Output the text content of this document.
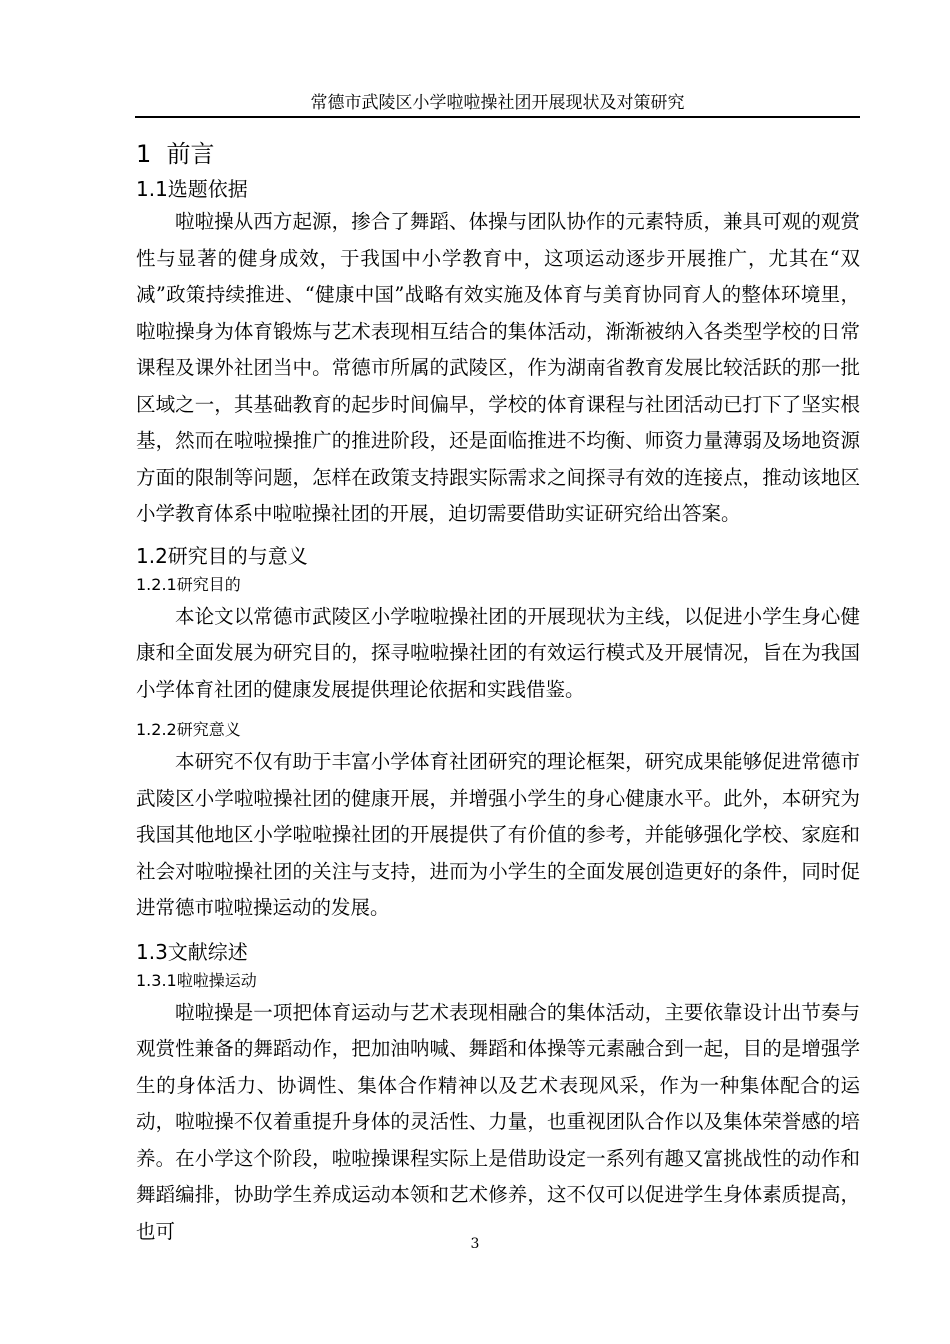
常德市武陵区小学啦啦操社团开展现状及对策研究
1  前言
1.1选题依据

啦啦操从西方起源，掺合了舞蹈、体操与团队协作的元素特质，兼具可观的观赏性与显著的健身成效，于我国中小学教育中，这项运动逐步开展推广，尤其在“双减”政策持续推进、“健康中国”战略有效实施及体育与美育协同育人的整体环境里，啦啦操身为体育锻炼与艺术表现相互结合的集体活动，渐渐被纳入各类型学校的日常课程及课外社团当中。常德市所属的武陵区，作为湖南省教育发展比较活跃的那一批区域之一，其基础教育的起步时间偏早，学校的体育课程与社团活动已打下了坚实根基，然而在啦啦操推广的推进阶段，还是面临推进不均衡、师资力量薄弱及场地资源方面的限制等问题，怎样在政策支持跟实际需求之间探寻有效的连接点，推动该地区小学教育体系中啦啦操社团的开展，迫切需要借助实证研究给出答案。

1.2研究目的与意义
1.2.1研究目的

本论文以常德市武陵区小学啦啦操社团的开展现状为主线，以促进小学生身心健康和全面发展为研究目的，探寻啦啦操社团的有效运行模式及开展情况，旨在为我国小学体育社团的健康发展提供理论依据和实践借鉴。

1.2.2研究意义

本研究不仅有助于丰富小学体育社团研究的理论框架，研究成果能够促进常德市武陵区小学啦啦操社团的健康开展，并增强小学生的身心健康水平。此外，本研究为我国其他地区小学啦啦操社团的开展提供了有价值的参考，并能够强化学校、家庭和社会对啦啦操社团的关注与支持，进而为小学生的全面发展创造更好的条件，同时促进常德市啦啦操运动的发展。

1.3文献综述
1.3.1啦啦操运动

啦啦操是一项把体育运动与艺术表现相融合的集体活动，主要依靠设计出节奏与观赏性兼备的舞蹈动作，把加油呐喊、舞蹈和体操等元素融合到一起，目的是增强学生的身体活力、协调性、集体合作精神以及艺术表现风采，作为一种集体配合的运动，啦啦操不仅着重提升身体的灵活性、力量，也重视团队合作以及集体荣誉感的培养。在小学这个阶段，啦啦操课程实际上是借助设定一系列有趣又富挑战性的动作和舞蹈编排，协助学生养成运动本领和艺术修养，这不仅可以促进学生身体素质提高，也可

3
